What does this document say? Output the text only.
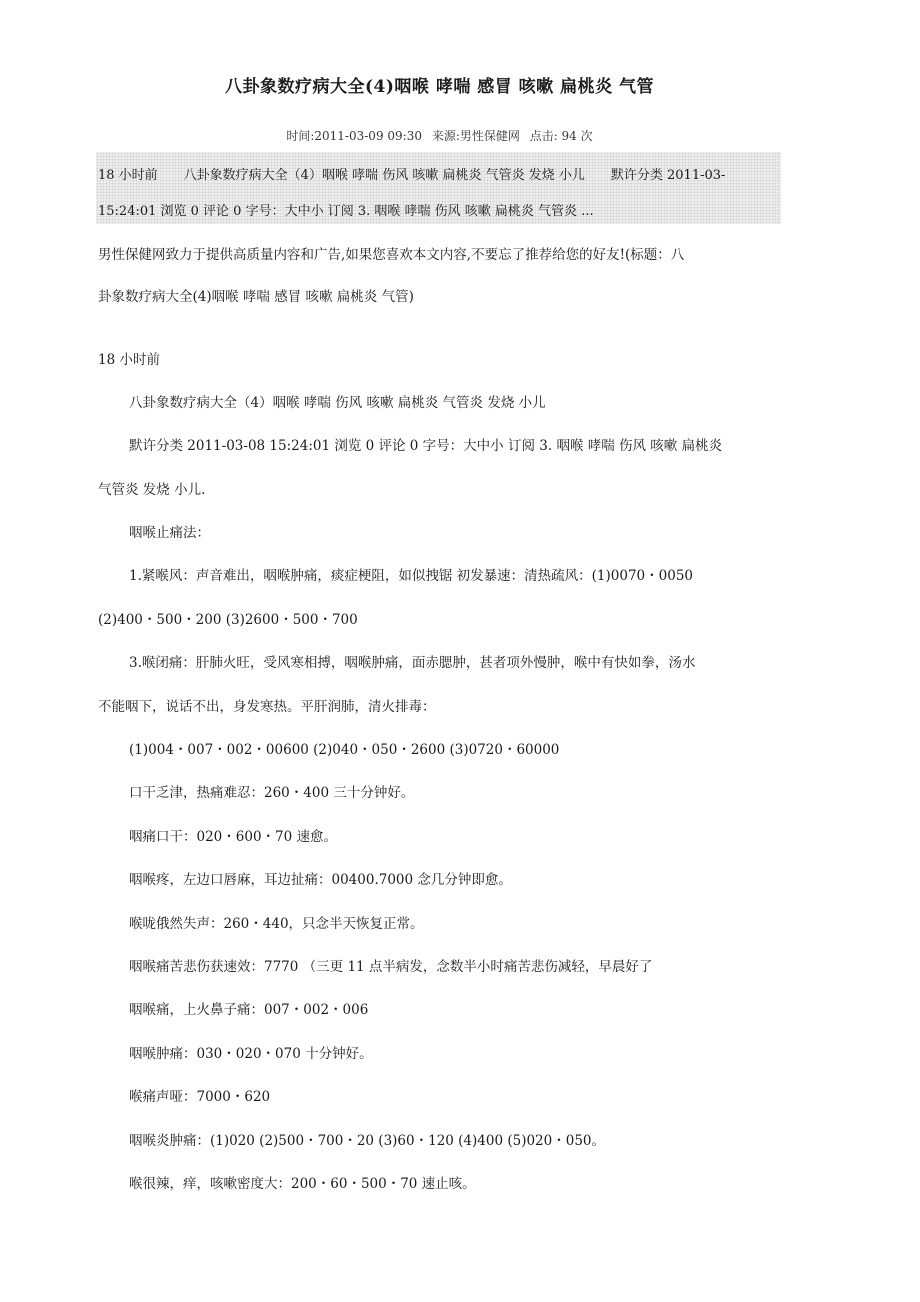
八卦象数疗病大全(4)咽喉 哮喘 感冒 咳嗽 扁桃炎 气管
时间:2011-03-09 09:30 来源:男性保健网 点击: 94 次
18 小时前　　八卦象数疗病大全（4）咽喉 哮喘 伤风 咳嗽 扁桃炎 气管炎 发烧 小儿　　默许分类 2011-03-
15:24:01 浏览 0 评论 0 字号：大中小 订阅 3. 咽喉 哮喘 伤风 咳嗽 扁桃炎 气管炎 ...
男性保健网致力于提供高质量内容和广告,如果您喜欢本文内容,不要忘了推荐给您的好友!(标题：八
卦象数疗病大全(4)咽喉 哮喘 感冒 咳嗽 扁桃炎 气管)
18 小时前
八卦象数疗病大全（4）咽喉 哮喘 伤风 咳嗽 扁桃炎 气管炎 发烧 小儿
默许分类 2011-03-08 15:24:01 浏览 0 评论 0 字号：大中小 订阅 3. 咽喉 哮喘 伤风 咳嗽 扁桃炎
气管炎 发烧 小儿.
咽喉止痛法：
1.紧喉风：声音难出，咽喉肿痛，痰症梗阻，如似拽锯 初发暴速：清热疏风：(1)0070・0050
(2)400・500・200 (3)2600・500・700
3.喉闭痛：肝肺火旺，受风寒相搏，咽喉肿痛，面赤腮肿，甚者项外慢肿，喉中有快如拳，汤水
不能咽下，说话不出，身发寒热。平肝润肺，清火排毒：
(1)004・007・002・00600 (2)040・050・2600 (3)0720・60000
口干乏津，热痛难忍：260・400 三十分钟好。
咽痛口干：020・600・70 速愈。
咽喉疼，左边口唇麻，耳边扯痛：00400.7000 念几分钟即愈。
喉咙俄然失声：260・440，只念半天恢复正常。
咽喉痛苦悲伤获速效：7770 （三更 11 点半病发，念数半小时痛苦悲伤减轻，早晨好了
咽喉痛，上火鼻子痛：007・002・006
咽喉肿痛：030・020・070 十分钟好。
喉痛声哑：7000・620
咽喉炎肿痛：(1)020 (2)500・700・20 (3)60・120 (4)400 (5)020・050。
喉很辣，痒，咳嗽密度大：200・60・500・70 速止咳。
